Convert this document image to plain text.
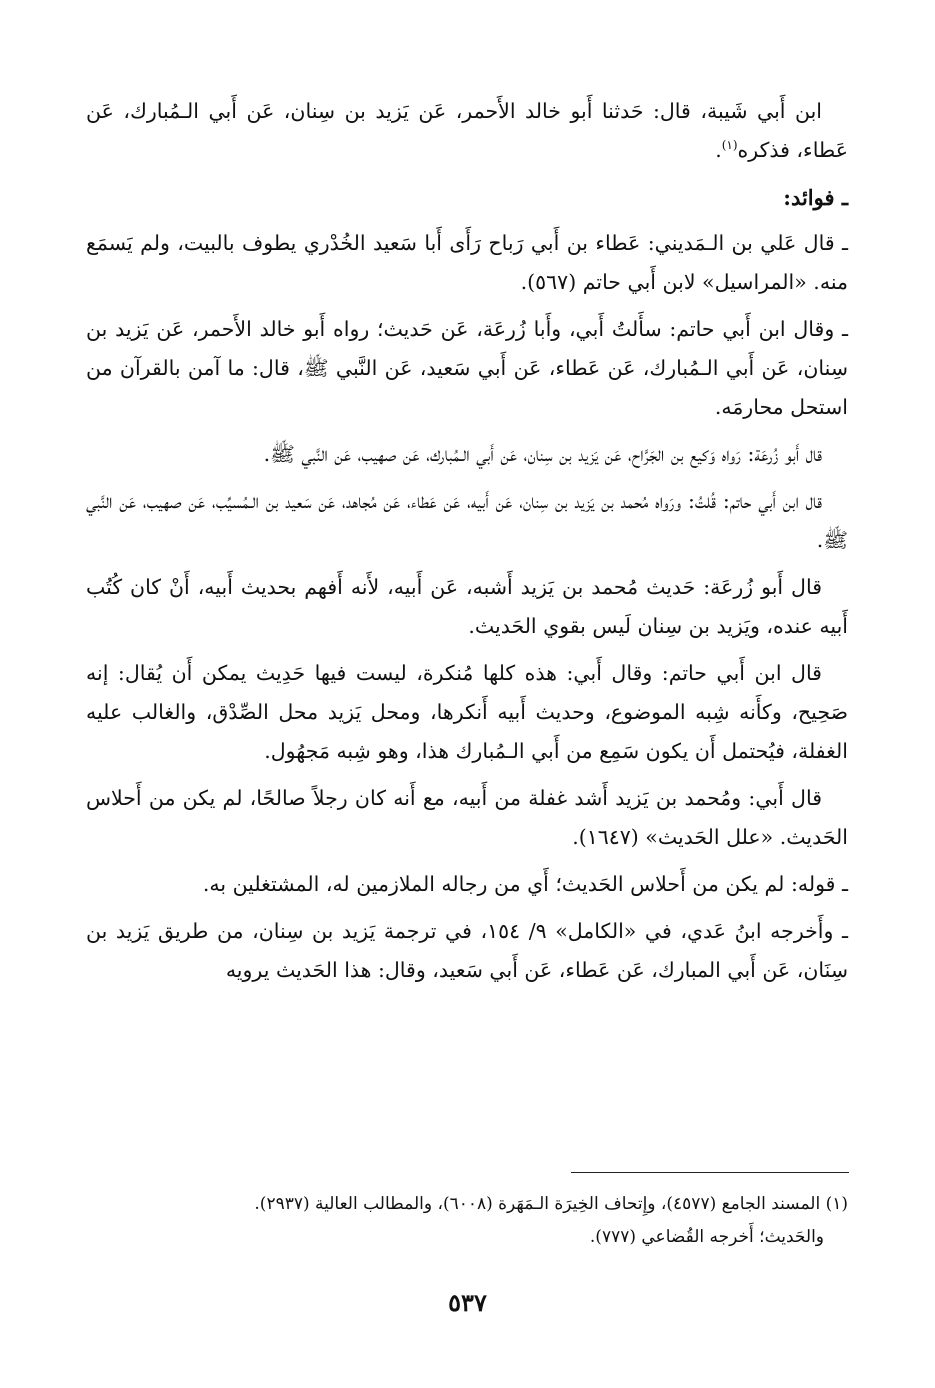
ابن أَبي شَيبة، قال: حَدثنا أَبو خالد الأَحمر، عَن يَزيد بن سِنان، عَن أَبي الـمُبارك، عَن عَطاء، فذكره$^{(١)}$.

ـ فوائد:

ـ قال عَلي بن الـمَديني: عَطاء بن أَبي رَباح رَأَى أَبا سَعيد الخُدْري يطوف بالبيت، ولم يَسمَع منه. «المراسيل» لابن أَبي حاتم (٥٦٧).

ـ وقال ابن أَبي حاتم: سأَلتُ أَبي، وأَبا زُرعَة، عَن حَديث؛ رواه أَبو خالد الأَحمر، عَن يَزيد بن سِنان، عَن أَبي الـمُبارك، عَن عَطاء، عَن أَبي سَعيد، عَن النَّبي ﷺ، قال: ما آمن بالقرآن من استحل محارمَه.

قال أَبو زُرعَة: رَواه وَكيع بن الجَرَّاح، عَن يَزيد بن سِنان، عَن أَبي الـمُبارك، عَن صهيب، عَن النَّبي ﷺ.

قال ابن أَبي حاتم: قُلتُ: ورَواه مُحمد بن يَزيد بن سِنان، عَن أَبيه، عَن عَطاء، عَن مُجاهد، عَن سَعيد بن الـمُسيِّب، عَن صهيب، عَن النَّبي ﷺ.

قال أَبو زُرعَة: حَديث مُحمد بن يَزيد أَشبه، عَن أَبيه، لأَنه أَفهم بحديث أَبيه، أَنْ كان كُتُب أَبيه عنده، ويَزيد بن سِنان لَيس بقوي الحَديث.

قال ابن أَبي حاتم: وقال أَبي: هذه كلها مُنكرة، ليست فيها حَدِيث يمكن أَن يُقال: إنه صَحِيح، وكأَنه شِبه الموضوع، وحديث أَبيه أَنكرها، ومحل يَزيد محل الصِّدْق، والغالب عليه الغفلة، فيُحتمل أَن يكون سَمِع من أَبي الـمُبارك هذا، وهو شِبه مَجهُول.

قال أَبي: ومُحمد بن يَزيد أَشد غفلة من أَبيه، مع أَنه كان رجلاً صالحًا، لم يكن من أَحلاس الحَديث. «علل الحَديث» (١٦٤٧).

ـ قوله: لم يكن من أَحلاس الحَديث؛ أَي من رجاله الملازمين له، المشتغلين به.

ـ وأَخرجه ابنُ عَدي، في «الكامل» ٩/ ١٥٤، في ترجمة يَزيد بن سِنان، من طريق يَزيد بن سِنَان، عَن أَبي المبارك، عَن عَطاء، عَن أَبي سَعيد، وقال: هذا الحَديث يرويه

(١) المسند الجامع (٤٥٧٧)، وإِتحاف الخِيرَة الـمَهَرة (٦٠٠٨)، والمطالب العالية (٢٩٣٧).

والحَديث؛ أَخرجه القُضاعي (٧٧٧).

٥٣٧
